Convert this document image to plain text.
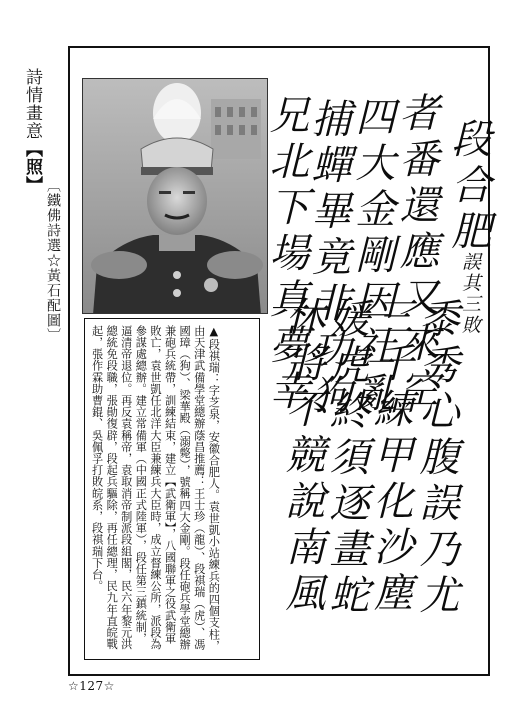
詩情畫意【照】
︹鐵佛詩選☆黃石配圖︺
▲段祺瑞：字芝泉，安徽合肥人。袁世凱小站練兵的四個支柱，由天津武備學堂總辦蔭昌推薦：王士珍（龍）、段祺瑞（虎）、馮國璋（狗）、梁華殿（溺斃），號稱四大金剛。段任砲兵學堂總辦兼砲兵統帶，訓練結束，建立【武衛軍】，八國聯軍之役武衛軍敗亡，袁世凱任北洋大臣兼練兵大臣時，成立督練公所，派段為參謀處總辦。建立常備軍（中國正式陸軍），段任第三鎮統制，逼清帝退位。再反袁稱帝，袁取消帝制派段組閣，民六年黎元洪總統免段職，張勛復辟，段起兵驅除，再任總理，民九年直皖戰起，張作霖助曹錕、吳佩孚打敗皖系，段祺瑞下台。
段合肥
誤其三敗
者番還應又來空
四大金剛因社亂
捕蟬畢竟非功狗
兄北下場真夢幸
黍秀心腹誤乃尤
三千練甲化沙塵
媛虎終須逐畫蛇
休將不競說南風
☆127☆
